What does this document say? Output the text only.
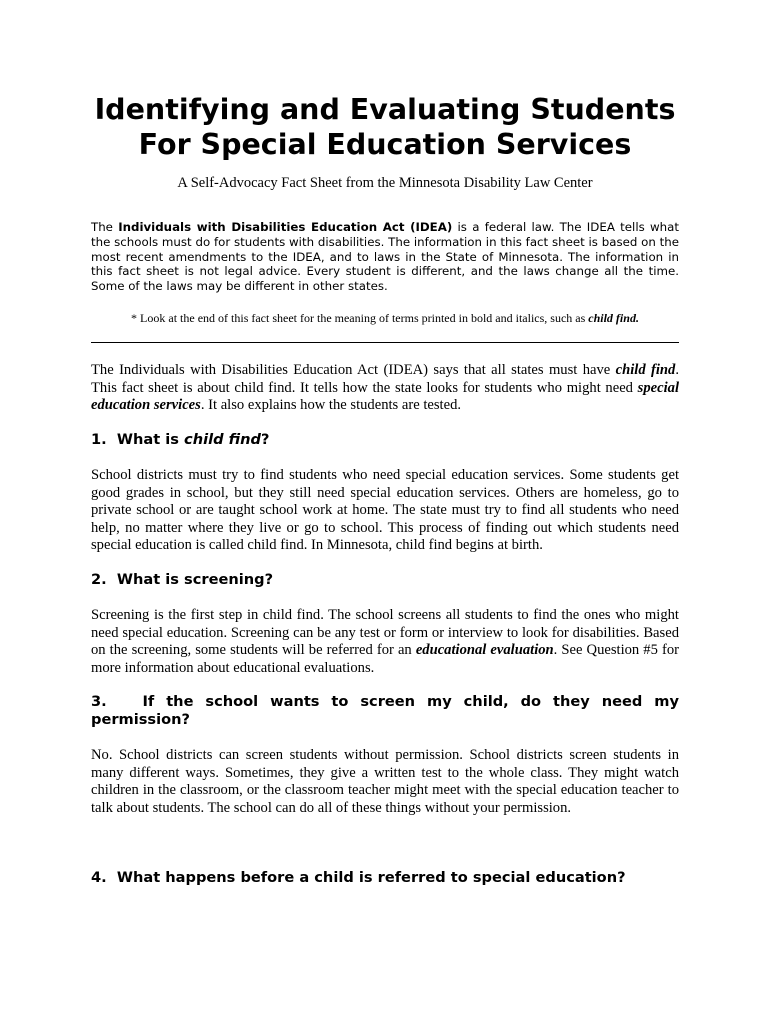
Identifying and Evaluating Students
For Special Education Services
A Self-Advocacy Fact Sheet from the Minnesota Disability Law Center

The Individuals with Disabilities Education Act (IDEA) is a federal law. The IDEA tells what the schools must do for students with disabilities. The information in this fact sheet is based on the most recent amendments to the IDEA, and to laws in the State of Minnesota. The information in this fact sheet is not legal advice. Every student is different, and the laws change all the time. Some of the laws may be different in other states.

* Look at the end of this fact sheet for the meaning of terms printed in bold and italics, such as child find.

The Individuals with Disabilities Education Act (IDEA) says that all states must have child find. This fact sheet is about child find. It tells how the state looks for students who might need special education services. It also explains how the students are tested.

1. What is child find?

School districts must try to find students who need special education services. Some students get good grades in school, but they still need special education services. Others are homeless, go to private school or are taught school work at home. The state must try to find all students who need help, no matter where they live or go to school. This process of finding out which students need special education is called child find. In Minnesota, child find begins at birth.

2. What is screening?

Screening is the first step in child find. The school screens all students to find the ones who might need special education. Screening can be any test or form or interview to look for disabilities. Based on the screening, some students will be referred for an educational evaluation. See Question #5 for more information about educational evaluations.

3. If the school wants to screen my child, do they need my permission?

No. School districts can screen students without permission. School districts screen students in many different ways. Sometimes, they give a written test to the whole class. They might watch children in the classroom, or the classroom teacher might meet with the special education teacher to talk about students. The school can do all of these things without your permission.

4. What happens before a child is referred to special education?
